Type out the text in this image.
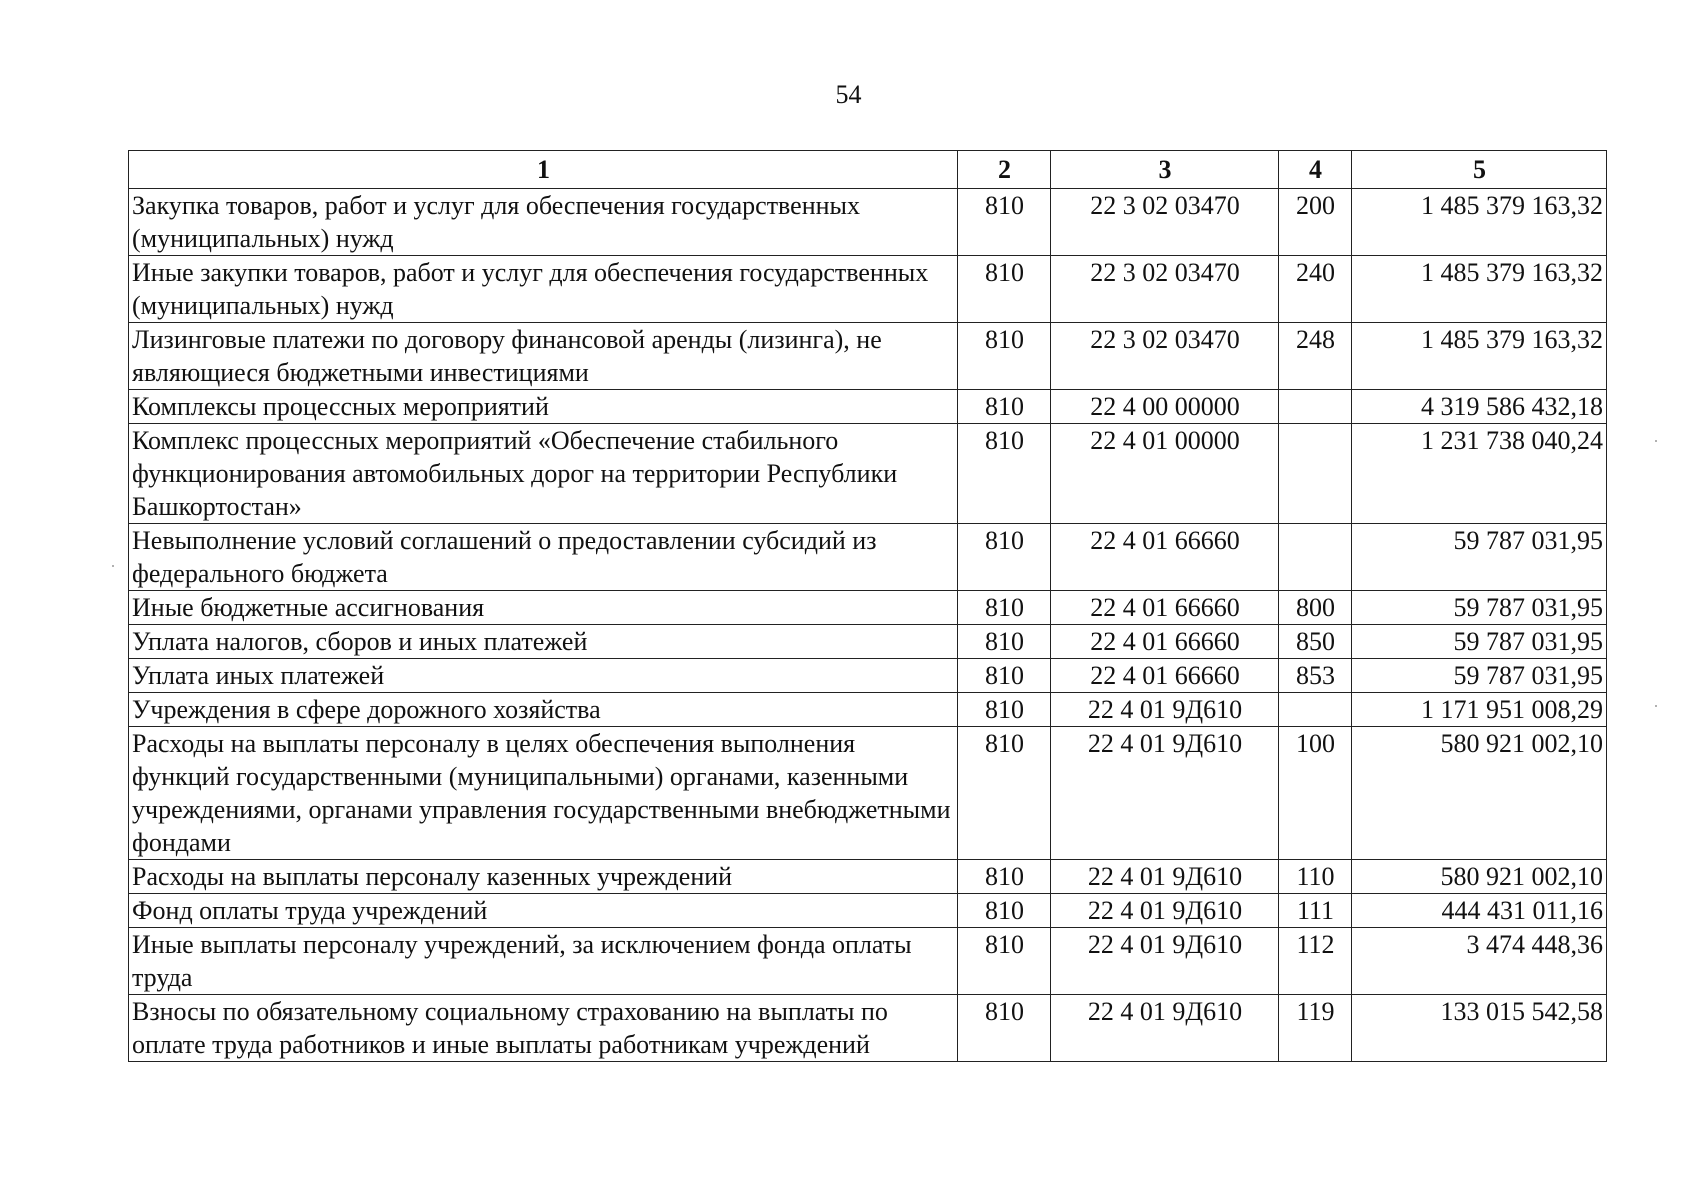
54
1	2	3	4	5
Закупка товаров, работ и услуг для обеспечения государственных (муниципальных) нужд	810	22 3 02 03470	200	1 485 379 163,32
Иные закупки товаров, работ и услуг для обеспечения государственных (муниципальных) нужд	810	22 3 02 03470	240	1 485 379 163,32
Лизинговые платежи по договору финансовой аренды (лизинга), не являющиеся бюджетными инвестициями	810	22 3 02 03470	248	1 485 379 163,32
Комплексы процессных мероприятий	810	22 4 00 00000		4 319 586 432,18
Комплекс процессных мероприятий «Обеспечение стабильного функционирования автомобильных дорог на территории Республики Башкортостан»	810	22 4 01 00000		1 231 738 040,24
Невыполнение условий соглашений о предоставлении субсидий из федерального бюджета	810	22 4 01 66660		59 787 031,95
Иные бюджетные ассигнования	810	22 4 01 66660	800	59 787 031,95
Уплата налогов, сборов и иных платежей	810	22 4 01 66660	850	59 787 031,95
Уплата иных платежей	810	22 4 01 66660	853	59 787 031,95
Учреждения в сфере дорожного хозяйства	810	22 4 01 9Д610		1 171 951 008,29
Расходы на выплаты персоналу в целях обеспечения выполнения функций государственными (муниципальными) органами, казенными учреждениями, органами управления государственными внебюджетными фондами	810	22 4 01 9Д610	100	580 921 002,10
Расходы на выплаты персоналу казенных учреждений	810	22 4 01 9Д610	110	580 921 002,10
Фонд оплаты труда учреждений	810	22 4 01 9Д610	111	444 431 011,16
Иные выплаты персоналу учреждений, за исключением фонда оплаты труда	810	22 4 01 9Д610	112	3 474 448,36
Взносы по обязательному социальному страхованию на выплаты по оплате труда работников и иные выплаты работникам учреждений	810	22 4 01 9Д610	119	133 015 542,58
